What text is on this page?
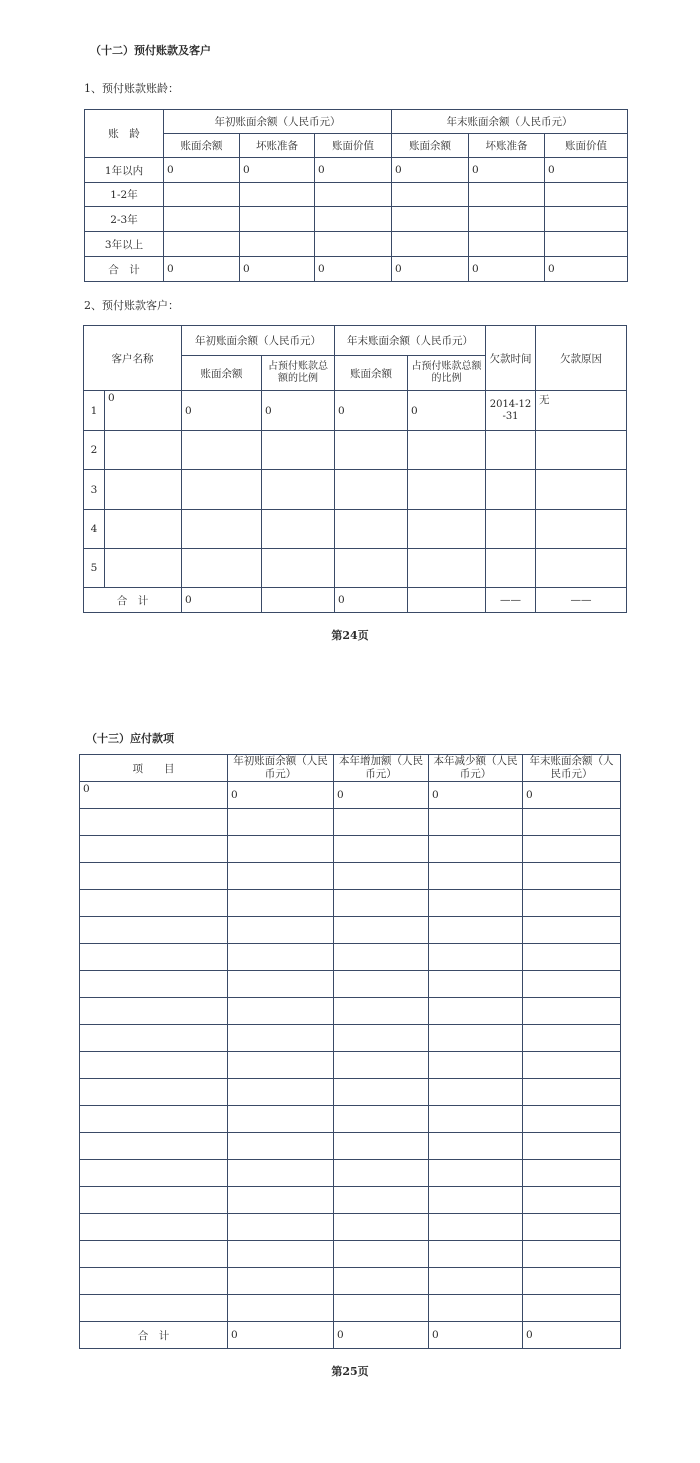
（十二）预付账款及客户
1、预付账款账龄：
账　龄	年初账面余额（人民币元）			年末账面余额（人民币元）		
	账面余额	坏账准备	账面价值	账面余额	坏账准备	账面价值
1年以内	0	0	0	0	0	0
1-2年						
2-3年						
3年以上						
合　计	0	0	0	0	0	0
2、预付账款客户：
客户名称		年初账面余额（人民币元）		年末账面余额（人民币元）		欠款时间	欠款原因
		账面余额	占预付账款总额的比例	账面余额	占预付账款总额的比例		
1	0	0	0	0	0	2014-12-31	无
2							
3							
4							
5							
合　计		0		0		——	——
第24页
（十三）应付款项
项　　目	年初账面余额（人民币元）	本年增加额（人民币元）	本年减少额（人民币元）	年末账面余额（人民币元）
0	0	0	0	0

合　计	0	0	0	0
第25页
